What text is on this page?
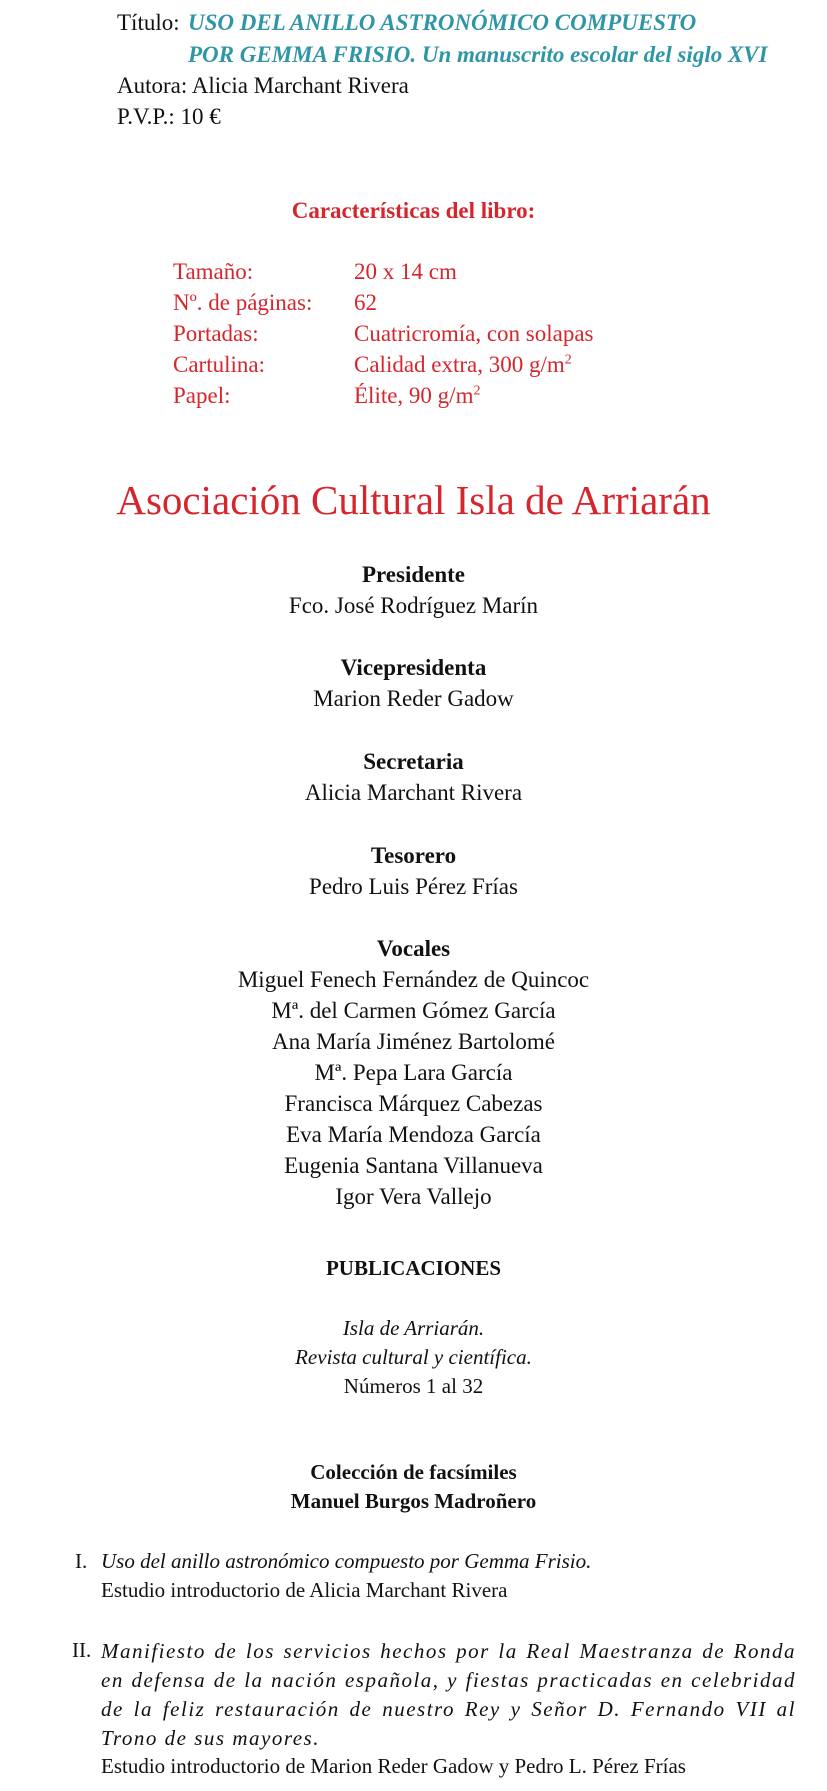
Título: USO DEL ANILLO ASTRONÓMICO COMPUESTO
POR GEMMA FRISIO. Un manuscrito escolar del siglo XVI
Autora: Alicia Marchant Rivera
P.V.P.: 10 €
Características del libro:
Tamaño:	20 x 14 cm
Nº. de páginas: 62
Portadas:	Cuatricromía, con solapas
Cartulina:	Calidad extra, 300 $g/m^2$
Papel:	Élite, 90 $g/m^2$
Asociación Cultural Isla de Arriarán
Presidente
Fco. José Rodríguez Marín
Vicepresidenta
Marion Reder Gadow
Secretaria
Alicia Marchant Rivera
Tesorero
Pedro Luis Pérez Frías
Vocales
Miguel Fenech Fernández de Quincoc
Mª. del Carmen Gómez García
Ana María Jiménez Bartolomé
Mª. Pepa Lara García
Francisca Márquez Cabezas
Eva María Mendoza García
Eugenia Santana Villanueva
Igor Vera Vallejo
PUBLICACIONES
Isla de Arriarán.
Revista cultural y científica.
Números 1 al 32
Colección de facsímiles
Manuel Burgos Madroñero
I. Uso del anillo astronómico compuesto por Gemma Frisio.
Estudio introductorio de Alicia Marchant Rivera
II. Manifiesto de los servicios hechos por la Real Maestranza de Ronda en defensa de la nación española, y fiestas practicadas en celebridad de la feliz restauración de nuestro Rey y Señor D. Fernando VII al Trono de sus mayores.
Estudio introductorio de Marion Reder Gadow y Pedro L. Pérez Frías
